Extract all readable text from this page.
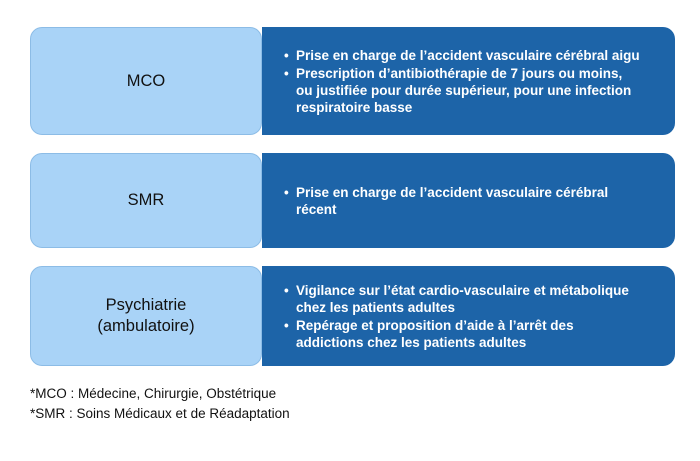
MCO
• Prise en charge de l’accident vasculaire cérébral aigu
• Prescription d’antibiothérapie de 7 jours ou moins,
ou justifiée pour durée supérieur, pour une infection
respiratoire basse
SMR	• Prise en charge de l’accident vasculaire cérébral
récent
Psychiatrie
(ambulatoire)
• Vigilance sur l’état cardio-vasculaire et métabolique
chez les patients adultes
• Repérage et proposition d’aide à l’arrêt des
addictions chez les patients adultes
*MCO : Médecine, Chirurgie, Obstétrique
*SMR : Soins Médicaux et de Réadaptation
